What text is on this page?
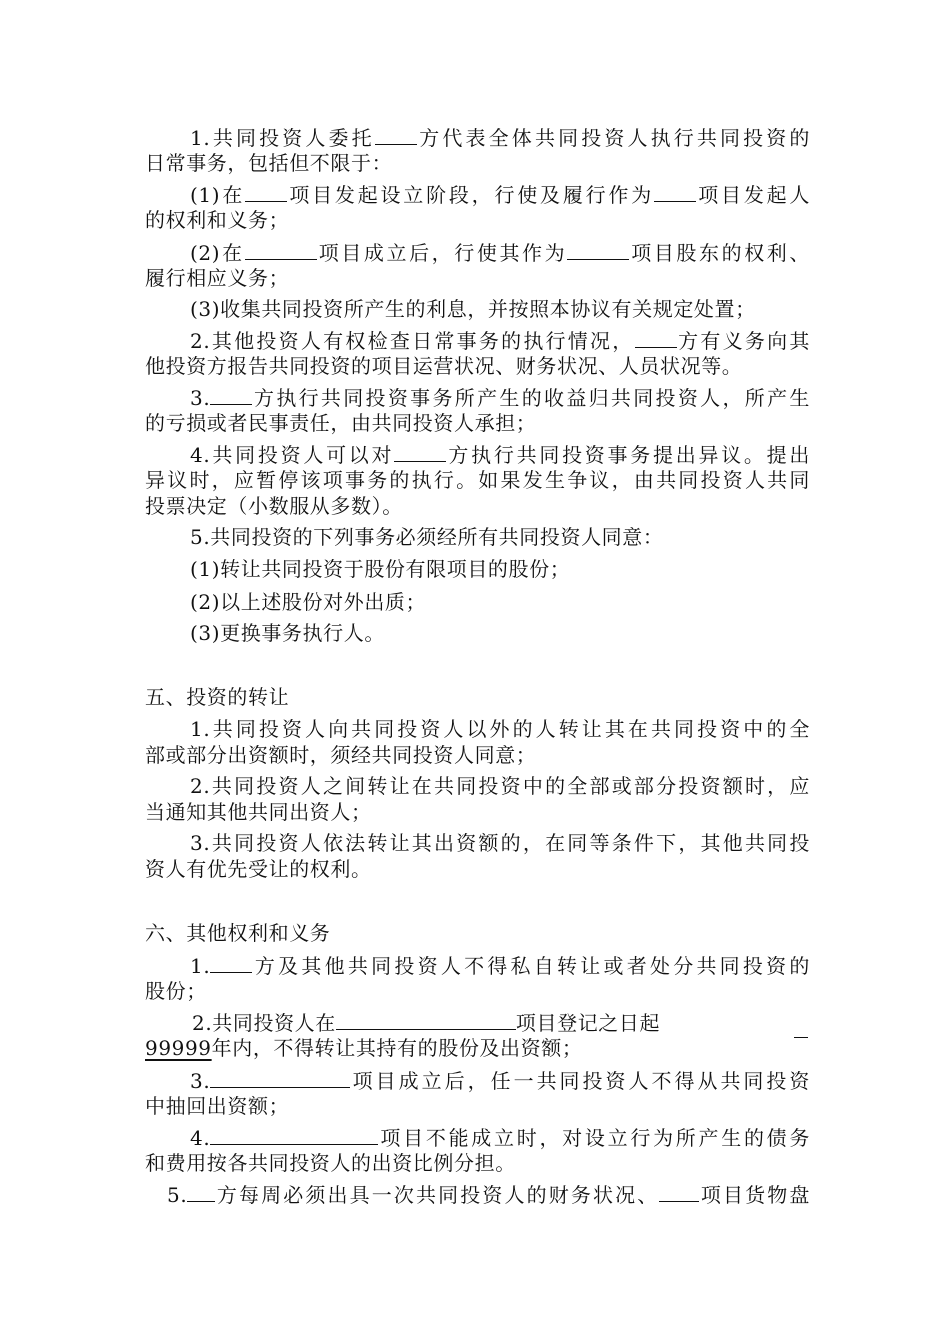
1.共同投资人委托 方代表全体共同投资人执行共同投资的
日常事务，包括但不限于：
(1)在 项目发起设立阶段，行使及履行作为 项目发起人
的权利和义务；
(2)在	项目成立后，行使其作为	项目股东的权利、
履行相应义务；
(3)收集共同投资所产生的利息，并按照本协议有关规定处置；
2.其他投资人有权检查日常事务的执行情况， 方有义务向其
他投资方报告共同投资的项目运营状况、财务状况、人员状况等。
3. 方执行共同投资事务所产生的收益归共同投资人，所产生
的亏损或者民事责任，由共同投资人承担；
4.共同投资人可以对	方执行共同投资事务提出异议。提出
异议时，应暂停该项事务的执行。如果发生争议，由共同投资人共同
投票决定（小数服从多数）。
5.共同投资的下列事务必须经所有共同投资人同意：
(1)转让共同投资于股份有限项目的股份；
(2)以上述股份对外出质；
(3)更换事务执行人。
五、投资的转让
1.共同投资人向共同投资人以外的人转让其在共同投资中的全
部或部分出资额时，须经共同投资人同意；
2.共同投资人之间转让在共同投资中的全部或部分投资额时，应
当通知其他共同出资人；
3.共同投资人依法转让其出资额的，在同等条件下，其他共同投
资人有优先受让的权利。
六、其他权利和义务
1. 方及其他共同投资人不得私自转让或者处分共同投资的
股份；
2.共同投资人在	项目登记之日起
99999年内，不得转让其持有的股份及出资额；
3.	项目成立后，任一共同投资人不得从共同投资
中抽回出资额；
4.	项目不能成立时，对设立行为所产生的债务
和费用按各共同投资人的出资比例分担。
5. 方每周必须出具一次共同投资人的财务状况、 项目货物盘
